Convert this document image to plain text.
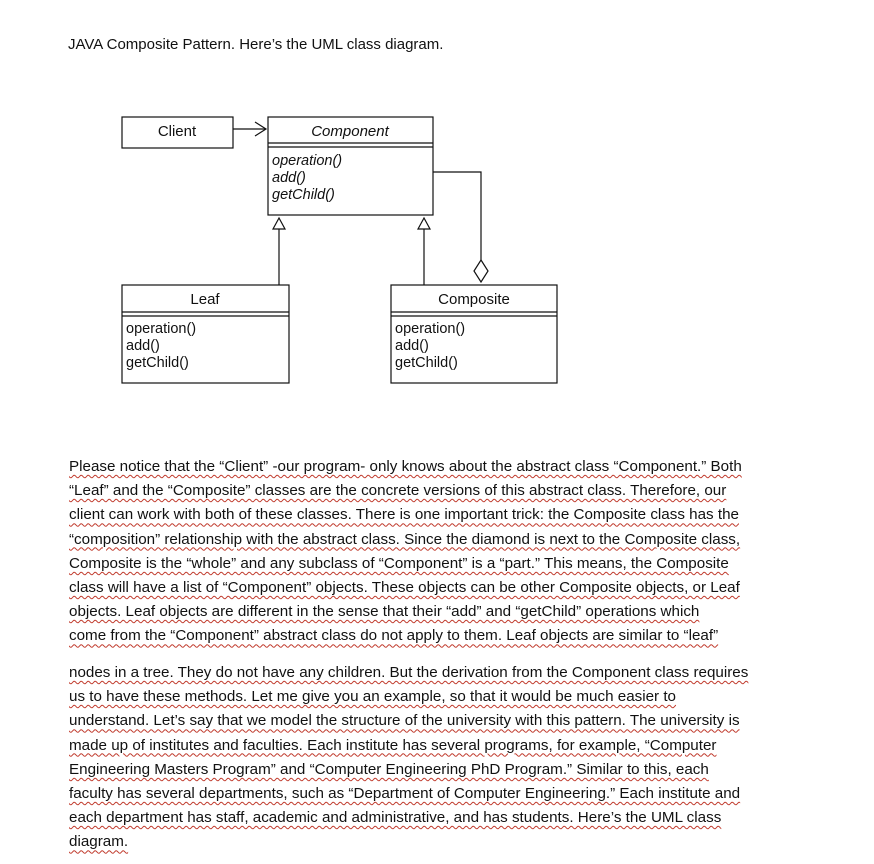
JAVA Composite Pattern. Here’s the UML class diagram.
Client	Component
operation()
add()
getChild()
Leaf
operation()
add()
getChild()
Composite
operation()
add()
getChild()
Please notice that the “Client” -our program- only knows about the abstract class “Component.” Both
“Leaf” and the “Composite” classes are the concrete versions of this abstract class. Therefore, our
client can work with both of these classes. There is one important trick: the Composite class has the
“composition” relationship with the abstract class. Since the diamond is next to the Composite class,
Composite is the “whole” and any subclass of “Component” is a “part.” This means, the Composite
class will have a list of “Component” objects. These objects can be other Composite objects, or Leaf
objects. Leaf objects are different in the sense that their “add” and “getChild” operations which
come from the “Component” abstract class do not apply to them. Leaf objects are similar to “leaf”
nodes in a tree. They do not have any children. But the derivation from the Component class requires
us to have these methods. Let me give you an example, so that it would be much easier to
understand. Let’s say that we model the structure of the university with this pattern. The university is
made up of institutes and faculties. Each institute has several programs, for example, “Computer
Engineering Masters Program” and “Computer Engineering PhD Program.” Similar to this, each
faculty has several departments, such as “Department of Computer Engineering.” Each institute and
each department has staff, academic and administrative, and has students. Here’s the UML class
diagram.
